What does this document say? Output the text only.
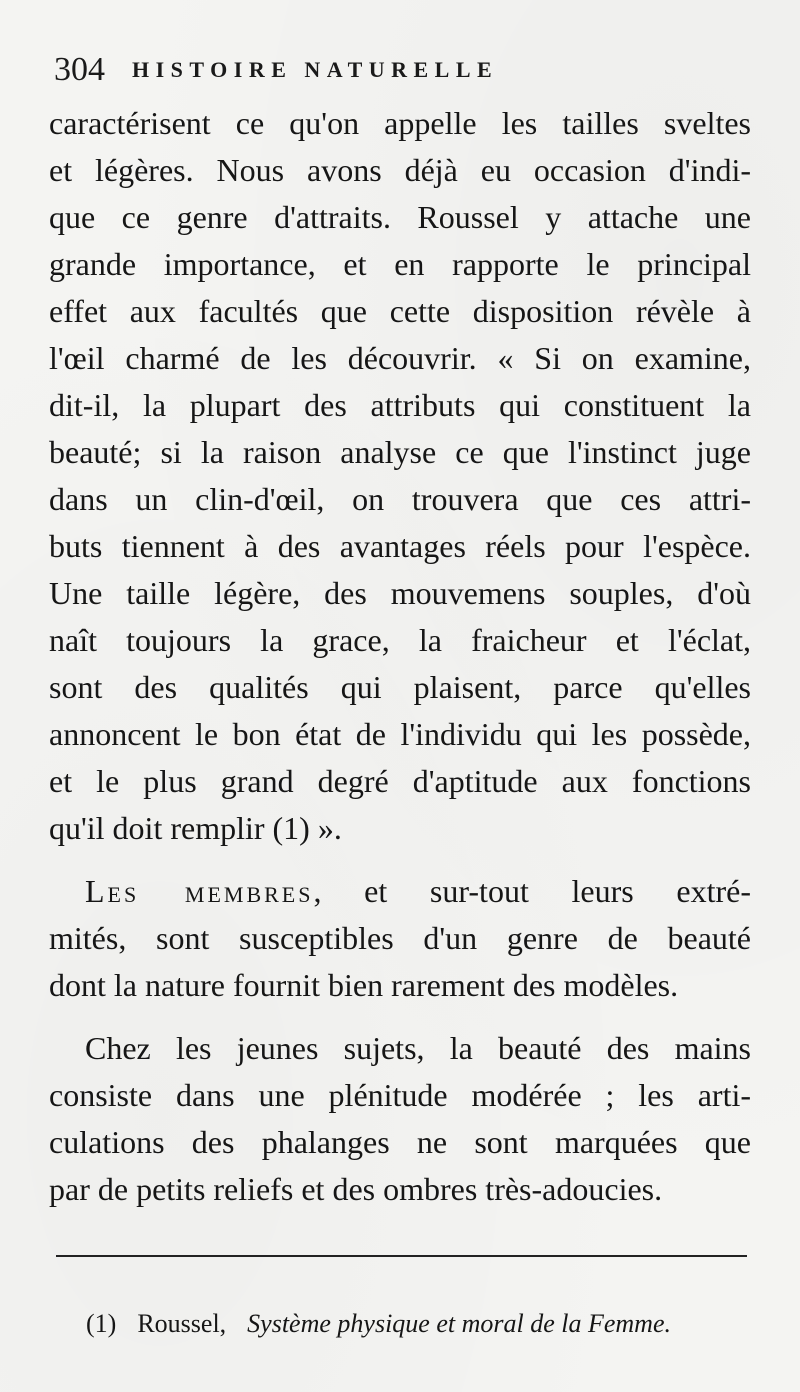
304 HISTOIRE NATURELLE
caractérisent ce qu'on appelle les tailles sveltes
et légères. Nous avons déjà eu occasion d'indi-
que ce genre d'attraits. Roussel y attache une
grande importance, et en rapporte le principal
effet aux facultés que cette disposition révèle à
l'œil charmé de les découvrir. « Si on examine,
dit-il, la plupart des attributs qui constituent la
beauté; si la raison analyse ce que l'instinct juge
dans un clin-d'œil, on trouvera que ces attri-
buts tiennent à des avantages réels pour l'espèce.
Une taille légère, des mouvemens souples, d'où
naît toujours la grace, la fraicheur et l'éclat,
sont des qualités qui plaisent, parce qu'elles
annoncent le bon état de l'individu qui les possède,
et le plus grand degré d'aptitude aux fonctions
qu'il doit remplir (1) ».
Les membres, et sur-tout leurs extré-
mités, sont susceptibles d'un genre de beauté
dont la nature fournit bien rarement des modèles.
Chez les jeunes sujets, la beauté des mains
consiste dans une plénitude modérée ; les arti-
culations des phalanges ne sont marquées que
par de petits reliefs et des ombres très-adoucies.
(1) Roussel, Système physique et moral de la Femme.
